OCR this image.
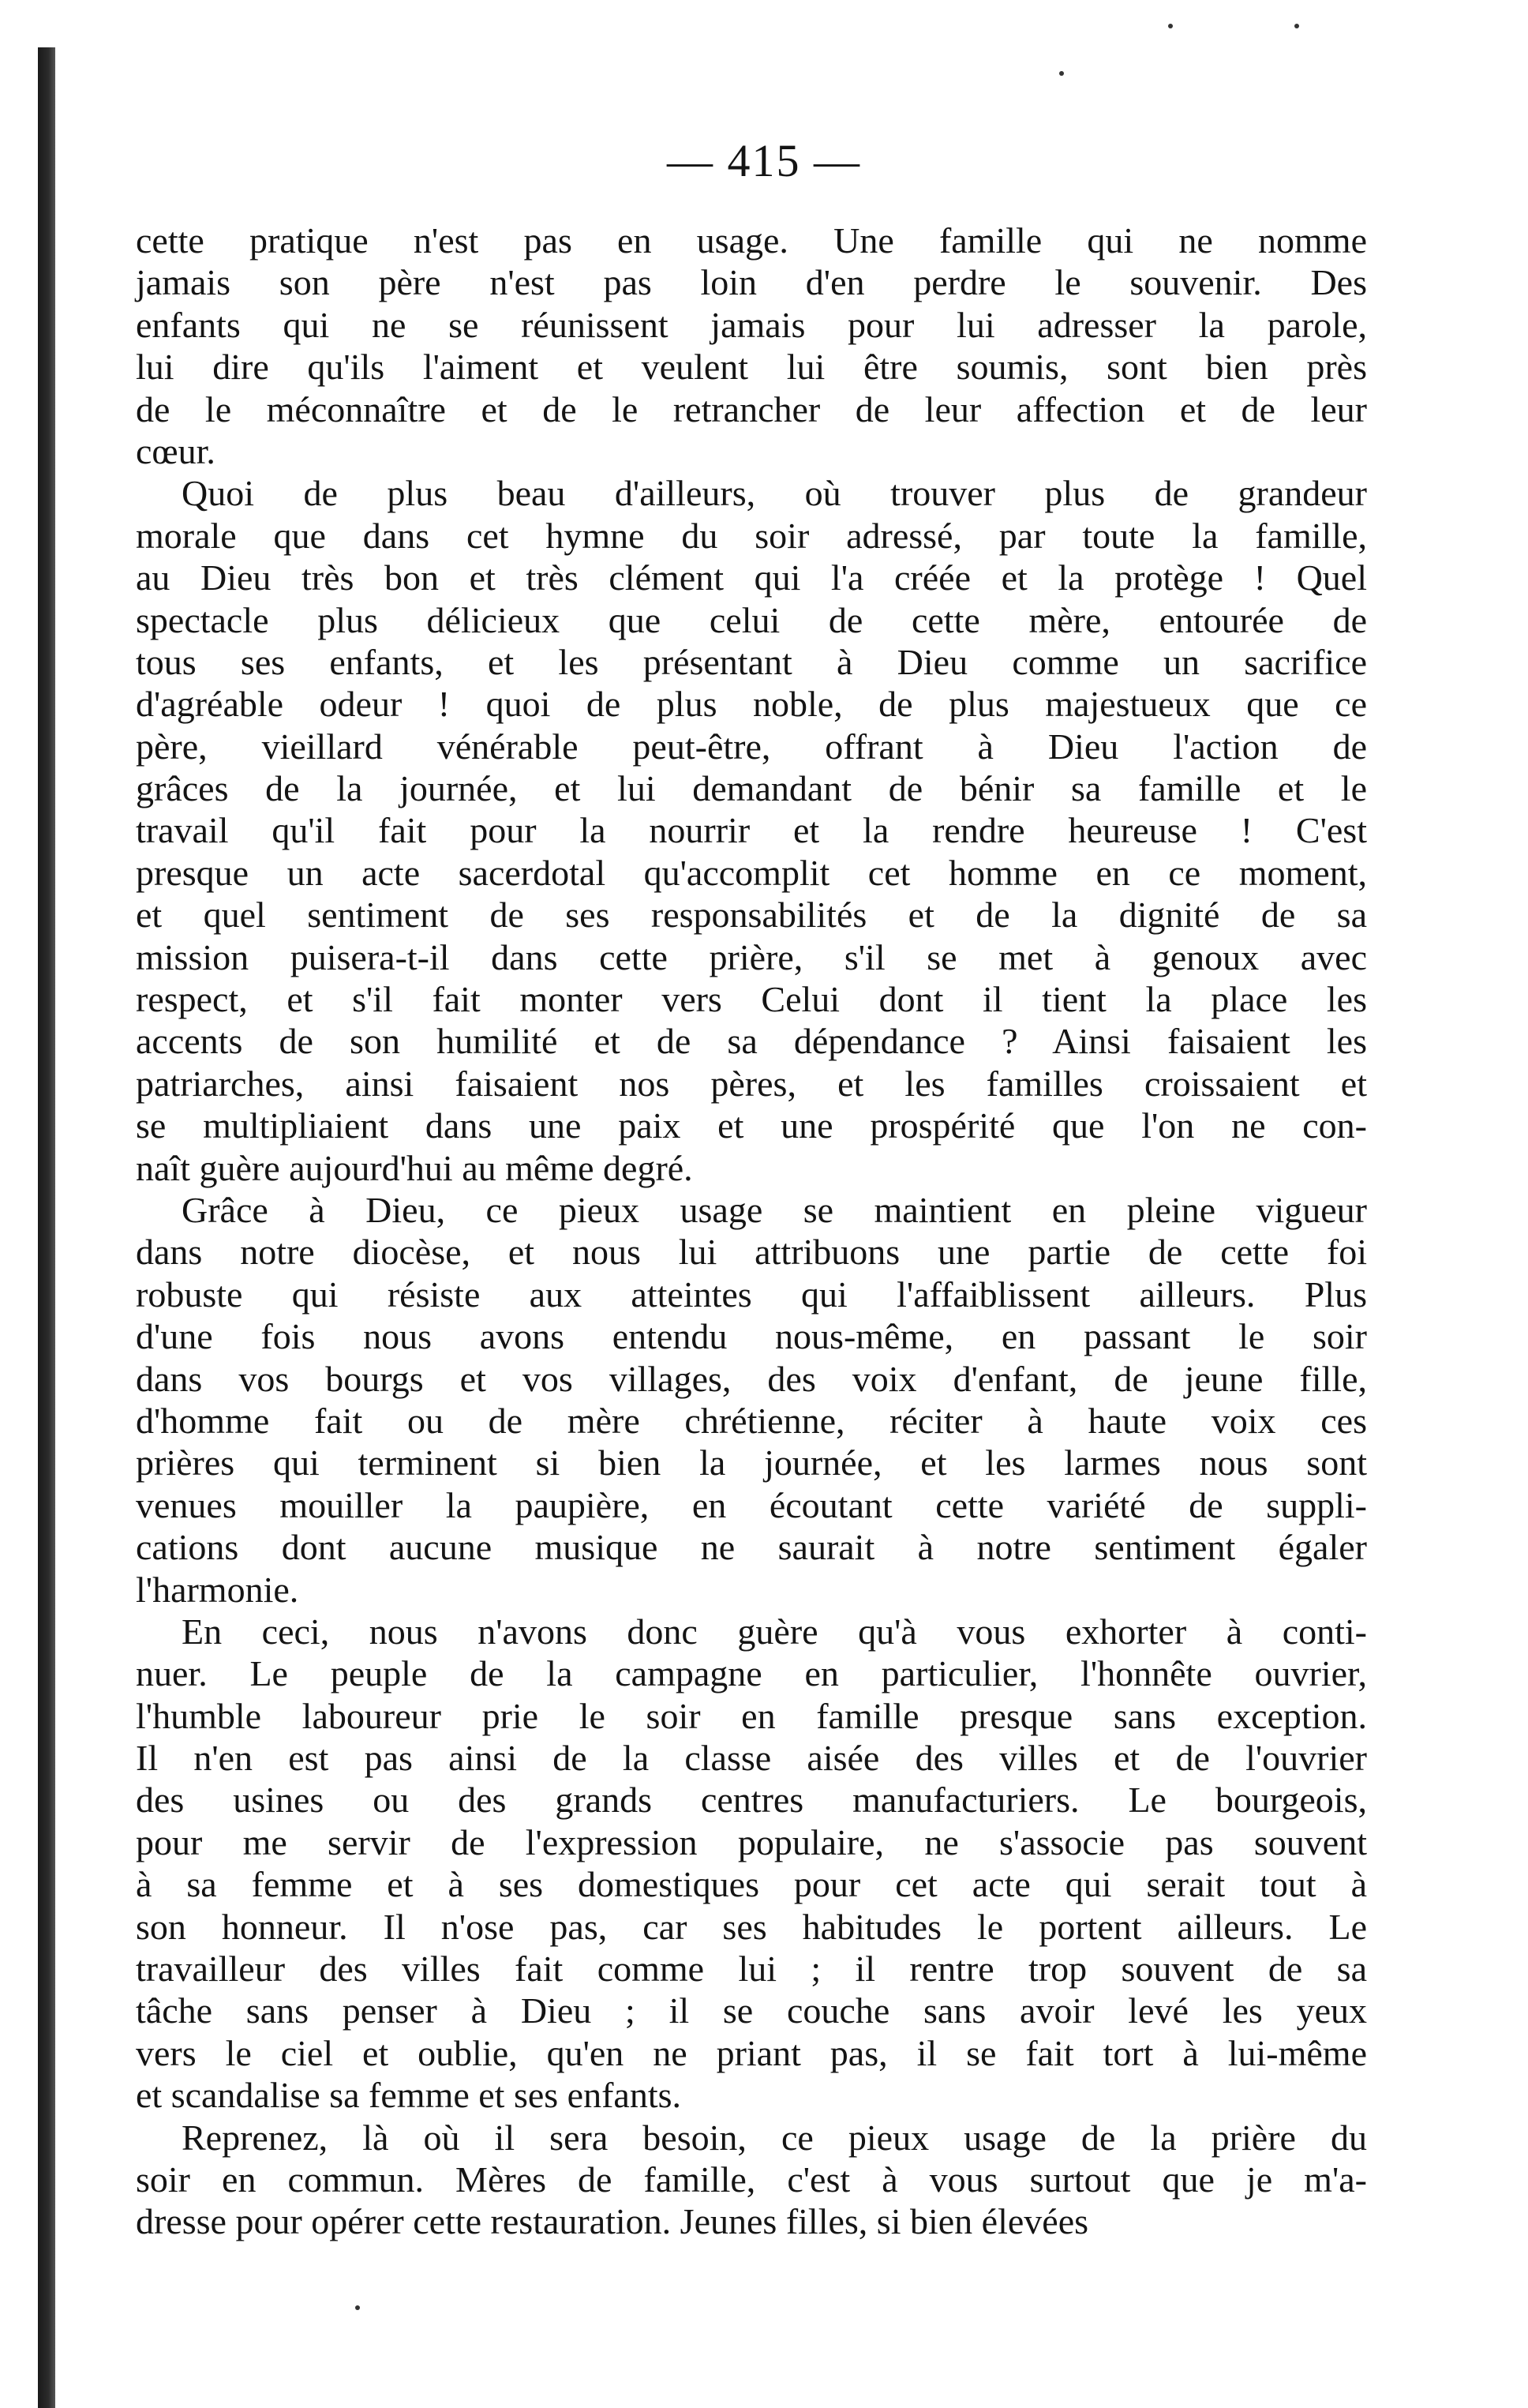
— 415 —
cette pratique n'est pas en usage. Une famille qui ne nomme
jamais son père n'est pas loin d'en perdre le souvenir. Des
enfants qui ne se réunissent jamais pour lui adresser la parole,
lui dire qu'ils l'aiment et veulent lui être soumis, sont bien près
de le méconnaître et de le retrancher de leur affection et de leur
cœur.
Quoi de plus beau d'ailleurs, où trouver plus de grandeur
morale que dans cet hymne du soir adressé, par toute la famille,
au Dieu très bon et très clément qui l'a créée et la protège ! Quel
spectacle plus délicieux que celui de cette mère, entourée de
tous ses enfants, et les présentant à Dieu comme un sacrifice
d'agréable odeur ! quoi de plus noble, de plus majestueux que ce
père, vieillard vénérable peut-être, offrant à Dieu l'action de
grâces de la journée, et lui demandant de bénir sa famille et le
travail qu'il fait pour la nourrir et la rendre heureuse ! C'est
presque un acte sacerdotal qu'accomplit cet homme en ce moment,
et quel sentiment de ses responsabilités et de la dignité de sa
mission puisera-t-il dans cette prière, s'il se met à genoux avec
respect, et s'il fait monter vers Celui dont il tient la place les
accents de son humilité et de sa dépendance ? Ainsi faisaient les
patriarches, ainsi faisaient nos pères, et les familles croissaient et
se multipliaient dans une paix et une prospérité que l'on ne con-
naît guère aujourd'hui au même degré.
Grâce à Dieu, ce pieux usage se maintient en pleine vigueur
dans notre diocèse, et nous lui attribuons une partie de cette foi
robuste qui résiste aux atteintes qui l'affaiblissent ailleurs. Plus
d'une fois nous avons entendu nous-même, en passant le soir
dans vos bourgs et vos villages, des voix d'enfant, de jeune fille,
d'homme fait ou de mère chrétienne, réciter à haute voix ces
prières qui terminent si bien la journée, et les larmes nous sont
venues mouiller la paupière, en écoutant cette variété de suppli-
cations dont aucune musique ne saurait à notre sentiment égaler
l'harmonie.
En ceci, nous n'avons donc guère qu'à vous exhorter à conti-
nuer. Le peuple de la campagne en particulier, l'honnête ouvrier,
l'humble laboureur prie le soir en famille presque sans exception.
Il n'en est pas ainsi de la classe aisée des villes et de l'ouvrier
des usines ou des grands centres manufacturiers. Le bourgeois,
pour me servir de l'expression populaire, ne s'associe pas souvent
à sa femme et à ses domestiques pour cet acte qui serait tout à
son honneur. Il n'ose pas, car ses habitudes le portent ailleurs. Le
travailleur des villes fait comme lui ; il rentre trop souvent de sa
tâche sans penser à Dieu ; il se couche sans avoir levé les yeux
vers le ciel et oublie, qu'en ne priant pas, il se fait tort à lui-même
et scandalise sa femme et ses enfants.
Reprenez, là où il sera besoin, ce pieux usage de la prière du
soir en commun. Mères de famille, c'est à vous surtout que je m'a-
dresse pour opérer cette restauration. Jeunes filles, si bien élevées
